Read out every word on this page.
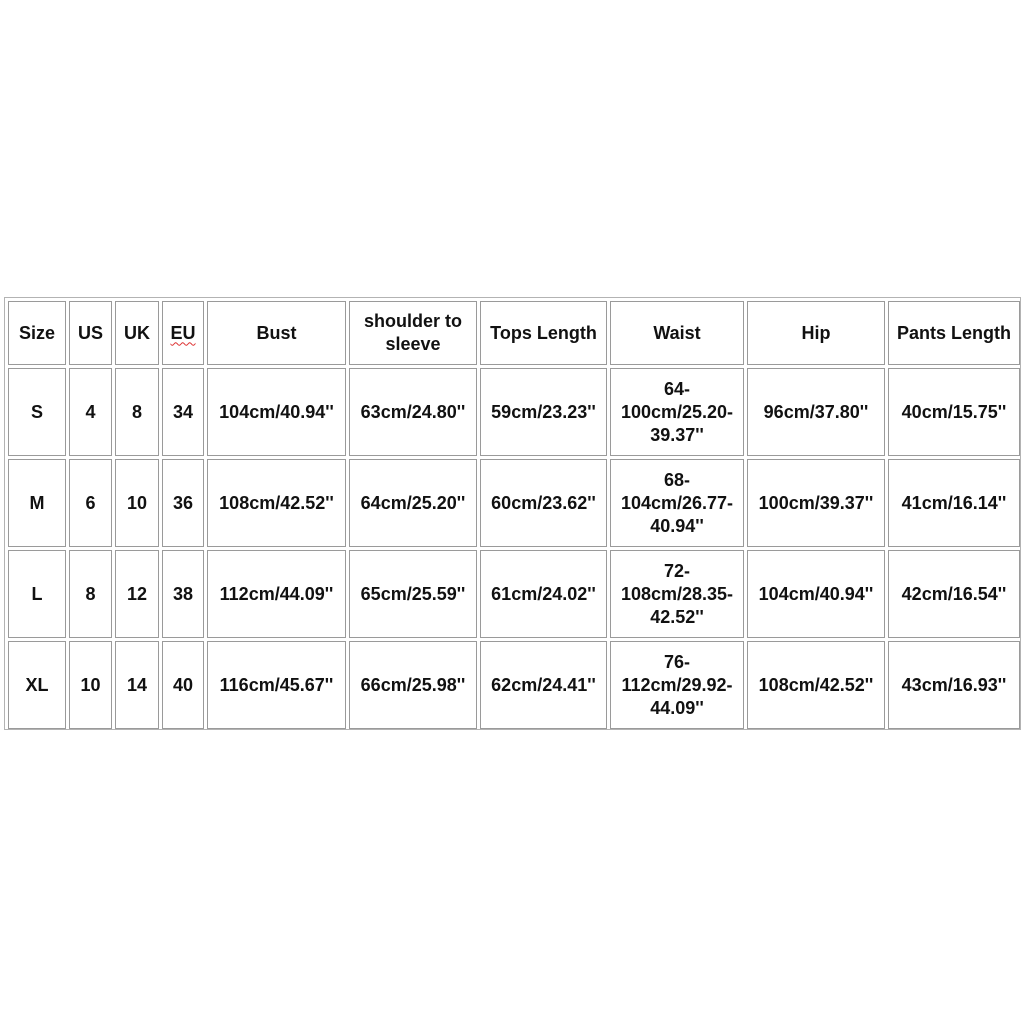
Size	US	UK	EU	Bust	shoulder to sleeve	Tops Length	Waist	Hip	Pants Length
S	4	8	34	104cm/40.94''	63cm/24.80''	59cm/23.23''	64-100cm/25.20-39.37''	96cm/37.80''	40cm/15.75''
M	6	10	36	108cm/42.52''	64cm/25.20''	60cm/23.62''	68-104cm/26.77-40.94''	100cm/39.37''	41cm/16.14''
L	8	12	38	112cm/44.09''	65cm/25.59''	61cm/24.02''	72-108cm/28.35-42.52''	104cm/40.94''	42cm/16.54''
XL	10	14	40	116cm/45.67''	66cm/25.98''	62cm/24.41''	76-112cm/29.92-44.09''	108cm/42.52''	43cm/16.93''
